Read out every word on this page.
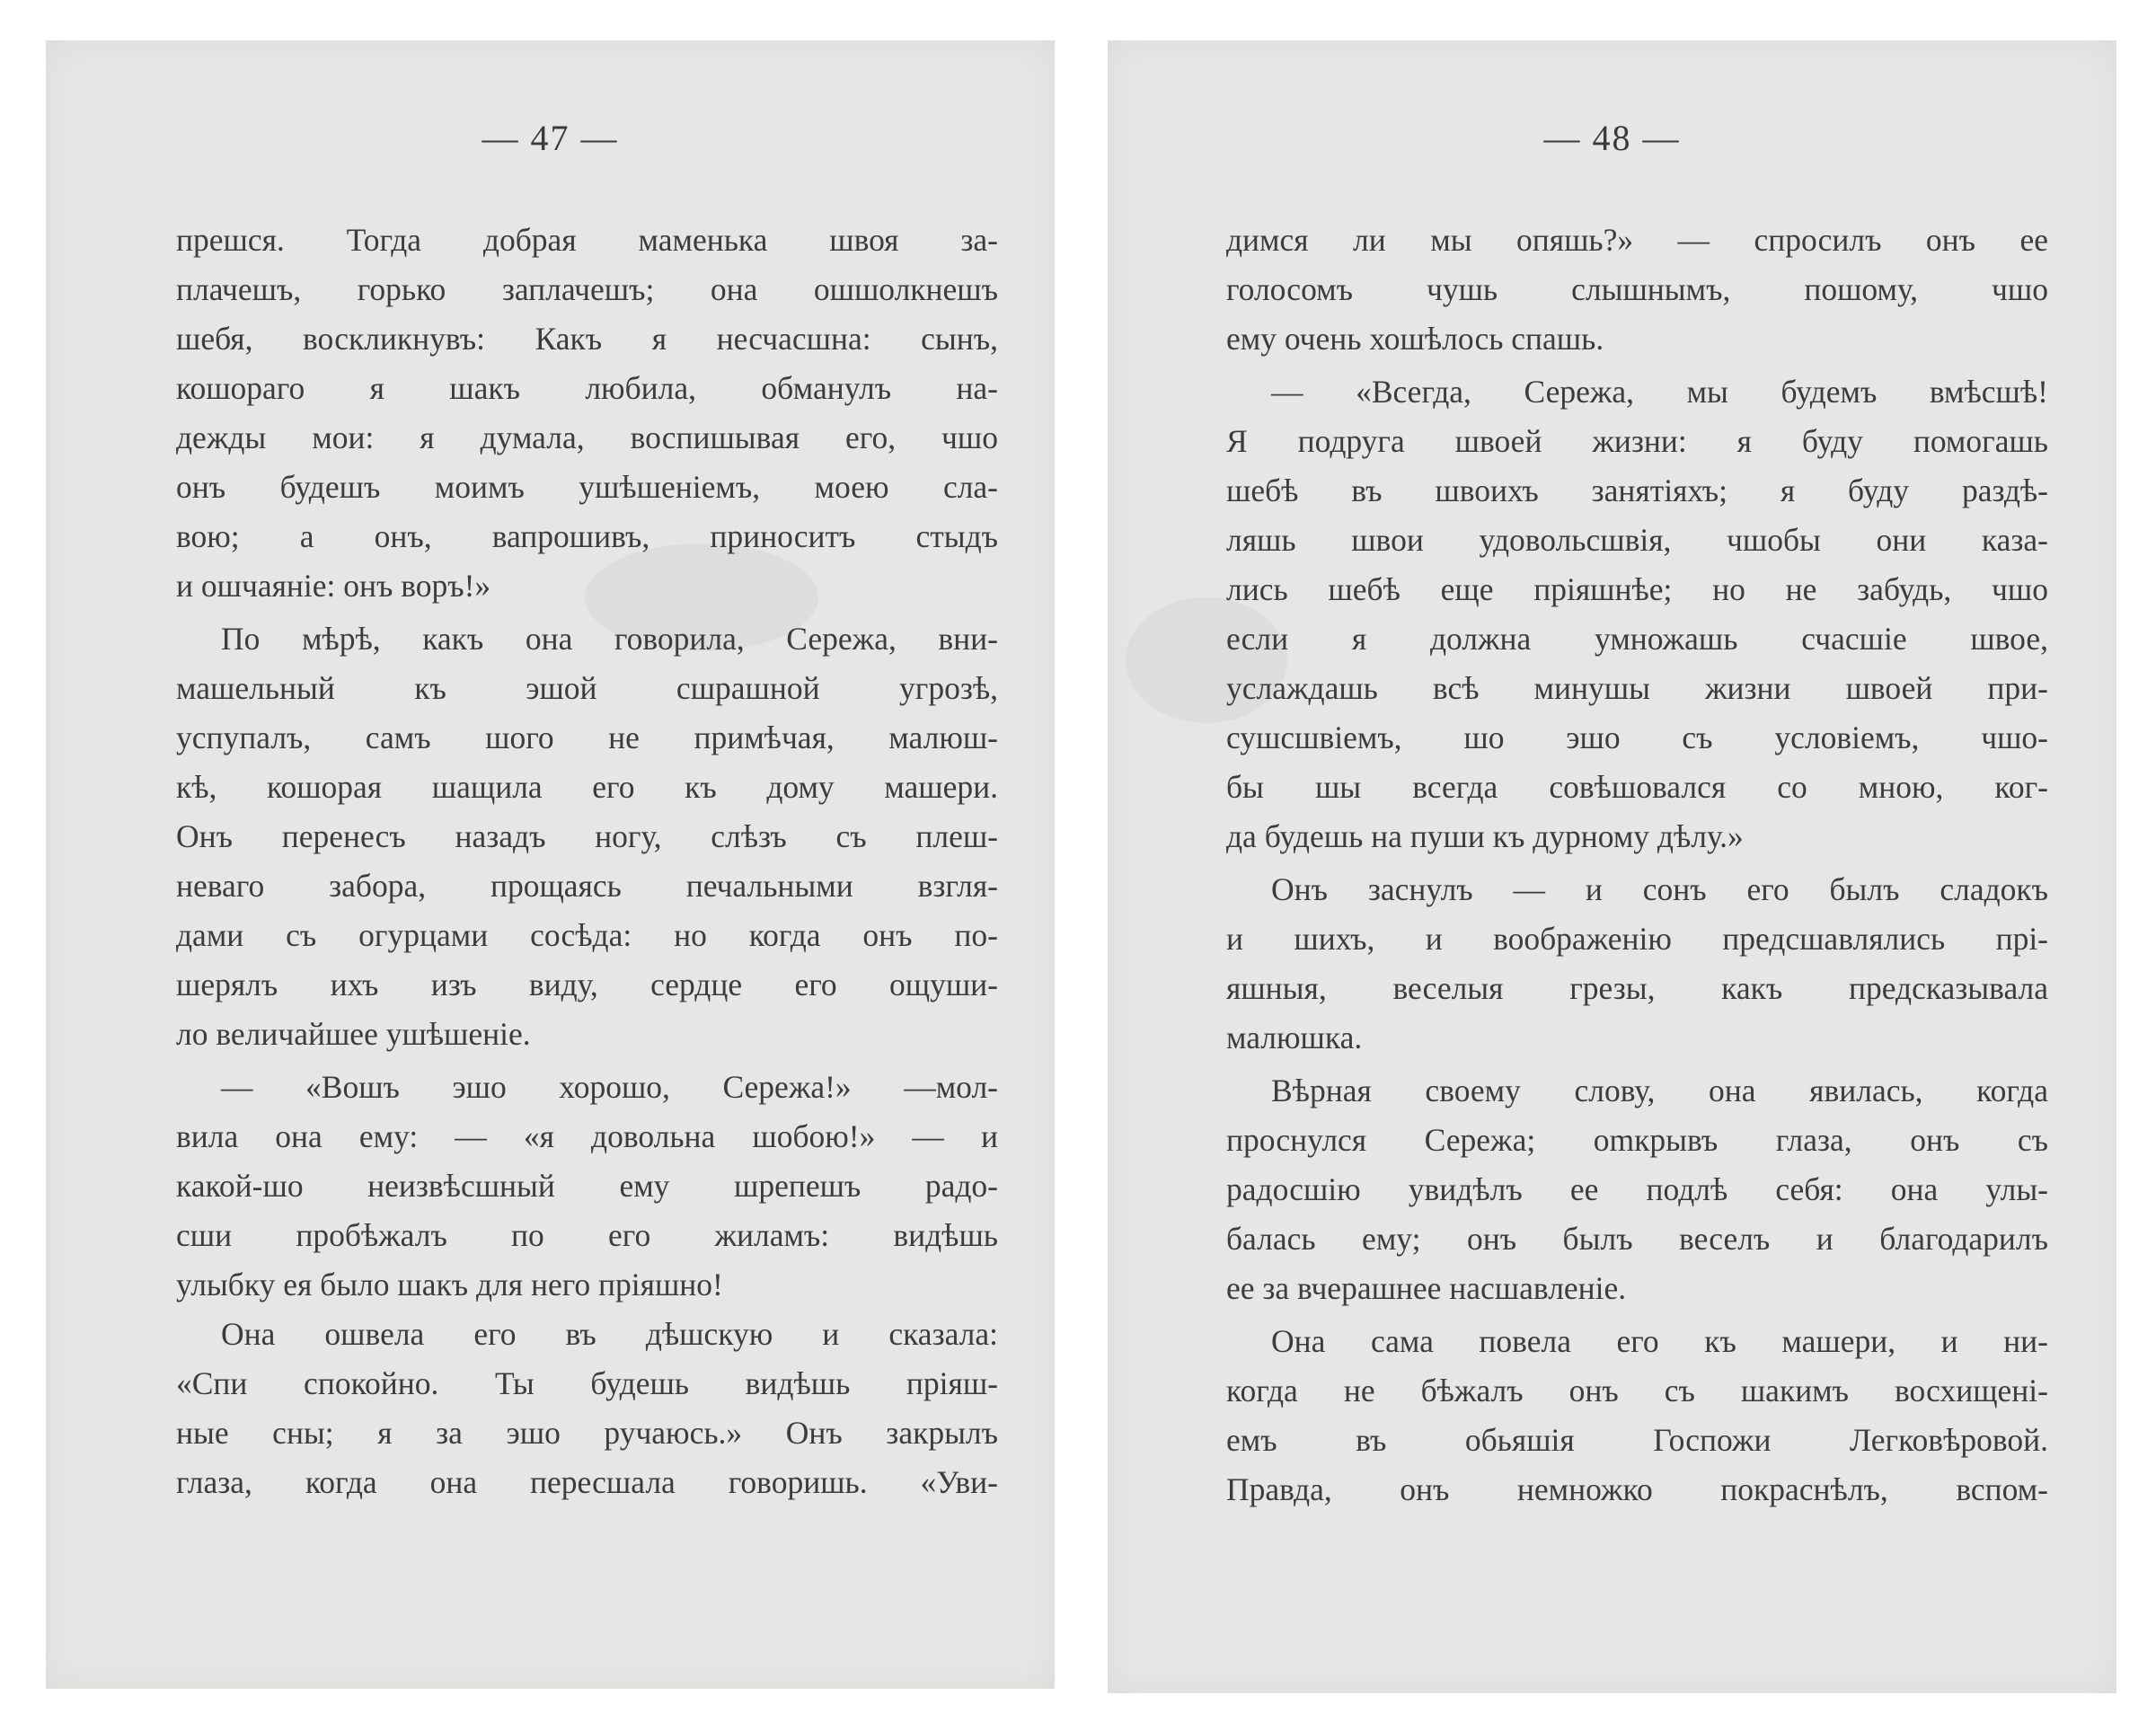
— 47 —
прешся. Тогда добрая маменька швоя за-
плачешъ, горько заплачешъ; она ошшолкнешъ
шебя, воскликнувъ: Какъ я несчасшна: сынъ,
кошораго я шакъ любила, обманулъ на-
дежды мои: я думала, воспишывая его, чшо
онъ будешъ моимъ ушѣшеніемъ, моею сла-
вою; а онъ, вапрошивъ, приноситъ стыдъ
и ошчаяніе: онъ воръ!»
По мѣрѣ, какъ она говорила, Сережа, вни-
машельный къ эшой сшрашной угрозѣ,
успупалъ, самъ шого не примѣчая, малюш-
кѣ, кошорая шащила его къ дому машери.
Онъ перенесъ назадъ ногу, слѣзъ съ плеш-
неваго забора, прощаясь печальными взгля-
дами съ огурцами сосѣда: но когда онъ по-
шерялъ ихъ изъ виду, сердце его ощуши-
ло величайшее ушѣшеніе.
— «Вошъ эшо хорошо, Сережа!» —мол-
вила она ему: — «я довольна шобою!» — и
какой-шо неизвѣсшный ему шрепешъ радо-
сши пробѣжалъ по его жиламъ: видѣшь
улыбку ея было шакъ для него пріяшно!
Она ошвела его въ дѣшскую и сказала:
«Спи спокойно. Ты будешь видѣшь пріяш-
ные сны; я за эшо ручаюсь.» Онъ закрылъ
глаза, когда она пересшала говоришь. «Уви-
— 48 —
димся ли мы опяшь?» — спросилъ онъ ее
голосомъ чушь слышнымъ, пошому, чшо
ему очень хошѣлось спашь.
— «Всегда, Сережа, мы будемъ вмѣсшѣ!
Я подруга швоей жизни: я буду помогашь
шебѣ въ швоихъ занятіяхъ; я буду раздѣ-
ляшь швои удовольсшвія, чшобы они каза-
лись шебѣ еще пріяшнѣе; но не забудь, чшо
если я должна умножашь счасшіе швое,
услаждашь всѣ минушы жизни швоей при-
сушсшвіемъ, шо эшо съ условіемъ, чшо-
бы шы всегда совѣшовался со мною, ког-
да будешь на пуши къ дурному дѣлу.»
Онъ заснулъ — и сонъ его былъ сладокъ
и шихъ, и воображенію предсшавлялись прі-
яшныя, веселыя грезы, какъ предсказывала
малюшка.
Вѣрная своему слову, она явилась, когда
проснулся Сережа; оmкрывъ глаза, онъ съ
радосшію увидѣлъ ее подлѣ себя: она улы-
балась ему; онъ былъ веселъ и благодарилъ
ее за вчерашнее насшавленіе.
Она сама повела его къ машери, и ни-
когда не бѣжалъ онъ съ шакимъ восхищені-
емъ въ обьяшія Госпожи Легковѣровой.
Правда, онъ немножко покраснѣлъ, вспом-
